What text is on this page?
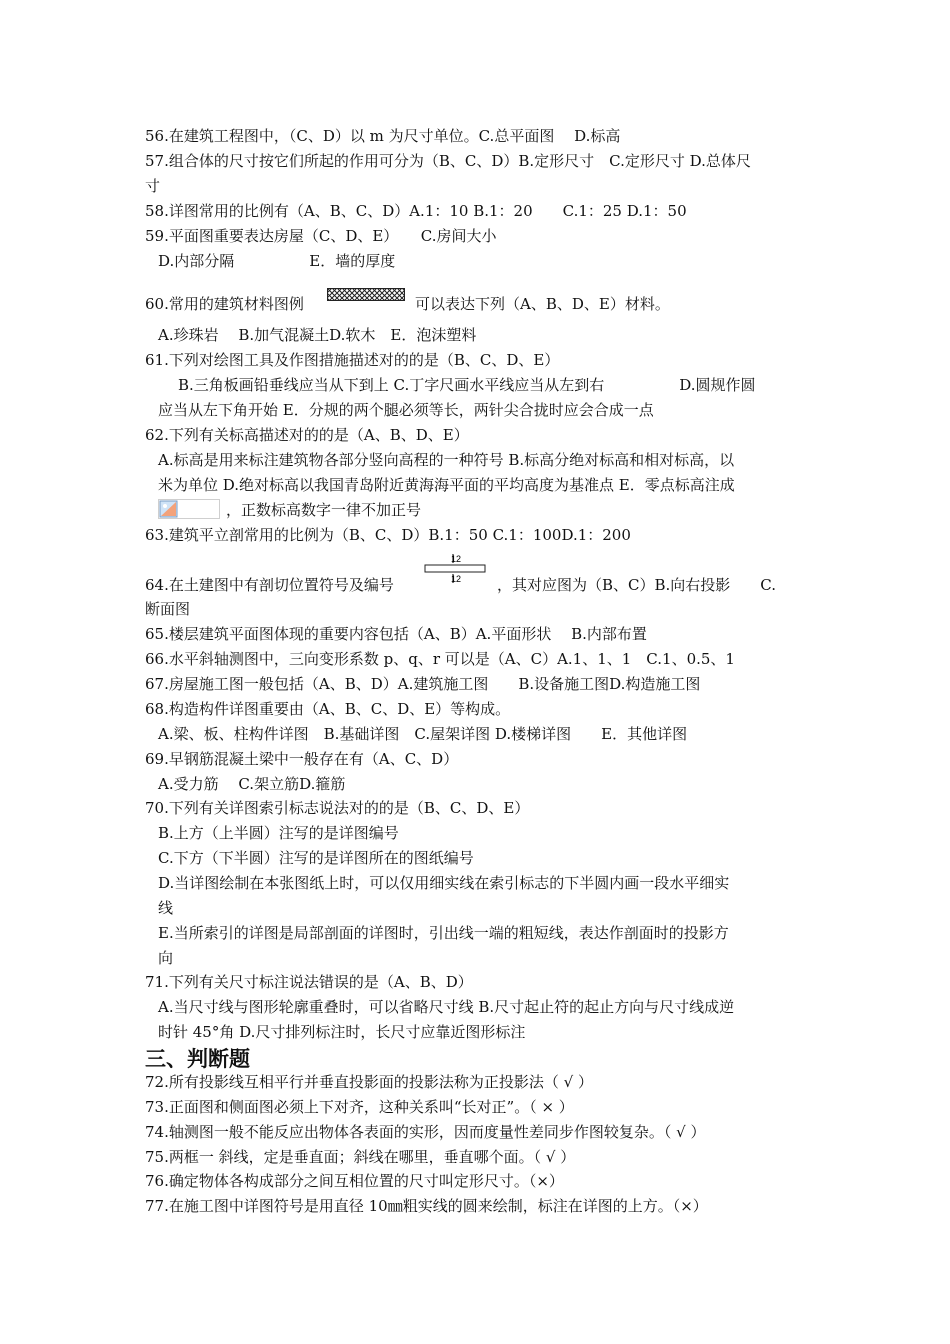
56.在建筑工程图中，（C、D）以 m 为尺寸单位。C.总平面图　 D.标高
57.组合体的尺寸按它们所起的作用可分为（B、C、D）B.定形尺寸　C.定形尺寸 D.总体尺
寸
58.详图常用的比例有（A、B、C、D）A.1：10 B.1：20　　C.1：25 D.1：50
59.平面图重要表达房屋（C、D、E）　　C.房间大小
D.内部分隔　　　　　E．墙的厚度
60.常用的建筑材料图例	可以表达下列（A、B、D、E）材料。
A.珍珠岩　 B.加气混凝土D.软木　E．泡沫塑料
61.下列对绘图工具及作图措施描述对的的是（B、C、D、E）
B.三角板画铅垂线应当从下到上 C.丁字尺画水平线应当从左到右　　　　　D.圆规作圆
应当从左下角开始 E．分规的两个腿必须等长，两针尖合拢时应会合成一点
62.下列有关标高描述对的的是（A、B、D、E）
A.标高是用来标注建筑物各部分竖向高程的一种符号 B.标高分绝对标高和相对标高，以
米为单位 D.绝对标高以我国青岛附近黄海海平面的平均高度为基准点 E．零点标高注成
，正数标高数字一律不加正号
63.建筑平立剖常用的比例为（B、C、D）B.1：50 C.1：100D.1：200
12
12
64.在土建图中有剖切位置符号及编号	，其对应图为（B、C）B.向右投影　　C.
断面图
65.楼层建筑平面图体现的重要内容包括（A、B）A.平面形状　 B.内部布置
66.水平斜轴测图中，三向变形系数 p、q、r 可以是（A、C）A.1、1、1　C.1、0.5、1
67.房屋施工图一般包括（A、B、D）A.建筑施工图　　B.设备施工图D.构造施工图
68.构造构件详图重要由（A、B、C、D、E）等构成。
A.梁、板、柱构件详图　B.基础详图　C.屋架详图 D.楼梯详图　　E．其他详图
69.早钢筋混凝土梁中一般存在有（A、C、D）
A.受力筋　 C.架立筋D.箍筋
70.下列有关详图索引标志说法对的的是（B、C、D、E）
B.上方（上半圆）注写的是详图编号
C.下方（下半圆）注写的是详图所在的图纸编号
D.当详图绘制在本张图纸上时，可以仅用细实线在索引标志的下半圆内画一段水平细实
线
E.当所索引的详图是局部剖面的详图时，引出线一端的粗短线，表达作剖面时的投影方
向
71.下列有关尺寸标注说法错误的是（A、B、D）
A.当尺寸线与图形轮廓重叠时，可以省略尺寸线 B.尺寸起止符的起止方向与尺寸线成逆
时针 45°角 D.尺寸排列标注时，长尺寸应靠近图形标注
三、判断题
72.所有投影线互相平行并垂直投影面的投影法称为正投影法（ √ ）
73.正面图和侧面图必须上下对齐，这种关系叫“长对正”。（ × ）
74.轴测图一般不能反应出物体各表面的实形，因而度量性差同步作图较复杂。（ √ ）
75.两框一 斜线，定是垂直面；斜线在哪里，垂直哪个面。（ √ ）
76.确定物体各构成部分之间互相位置的尺寸叫定形尺寸。（×）
77.在施工图中详图符号是用直径 10㎜粗实线的圆来绘制，标注在详图的上方。（×）
